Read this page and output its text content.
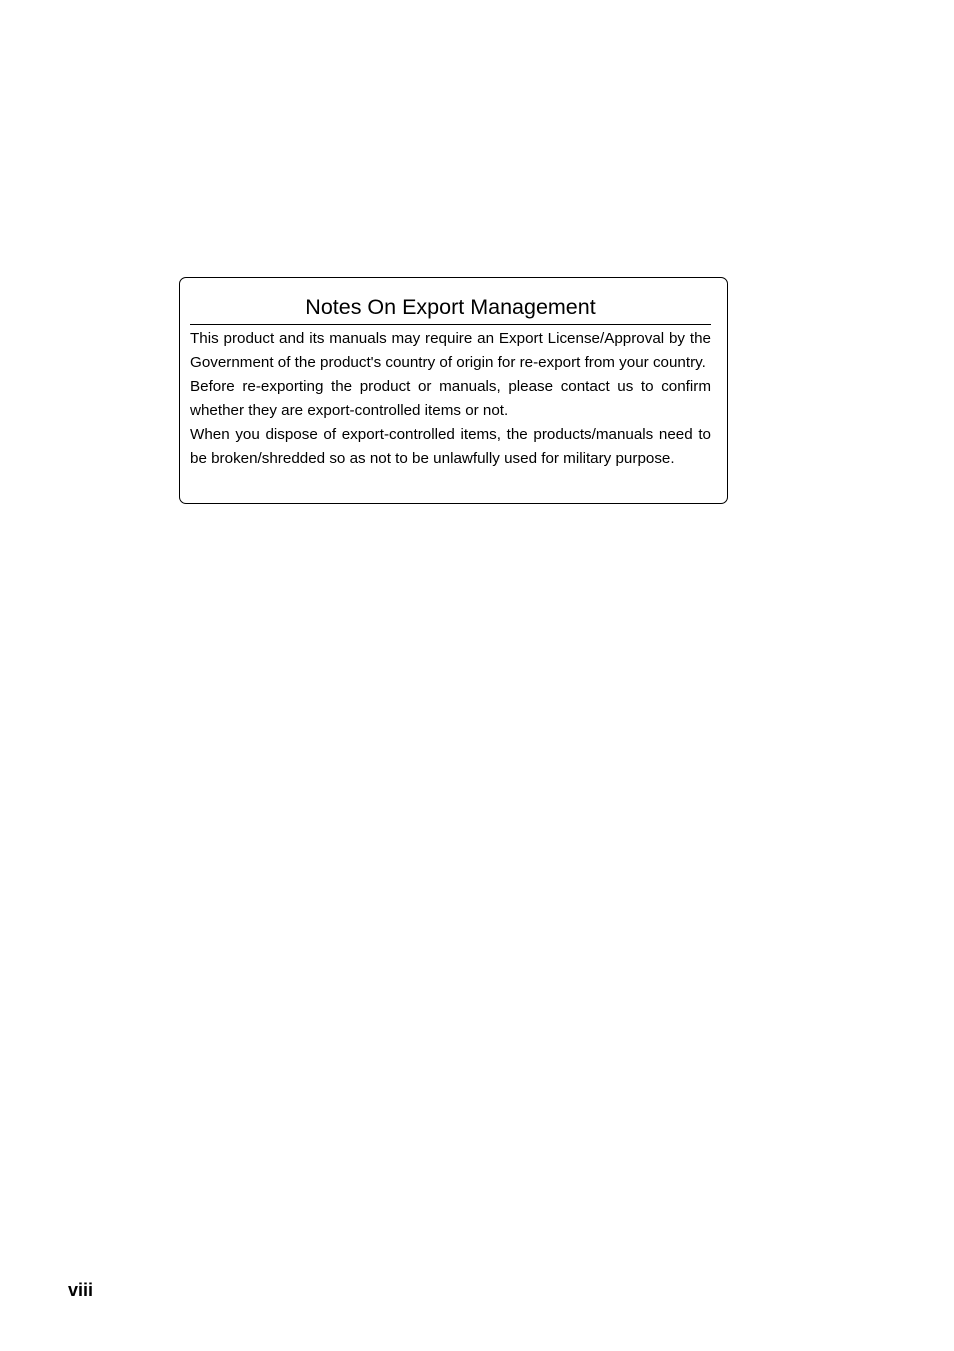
Notes On Export Management

This product and its manuals may require an Export License/Approval by the Government of the product's country of origin for re-export from your country.

Before re-exporting the product or manuals, please contact us to confirm whether they are export-controlled items or not.

When you dispose of export-controlled items, the products/manuals need to be broken/shredded so as not to be unlawfully used for military purpose.

viii
